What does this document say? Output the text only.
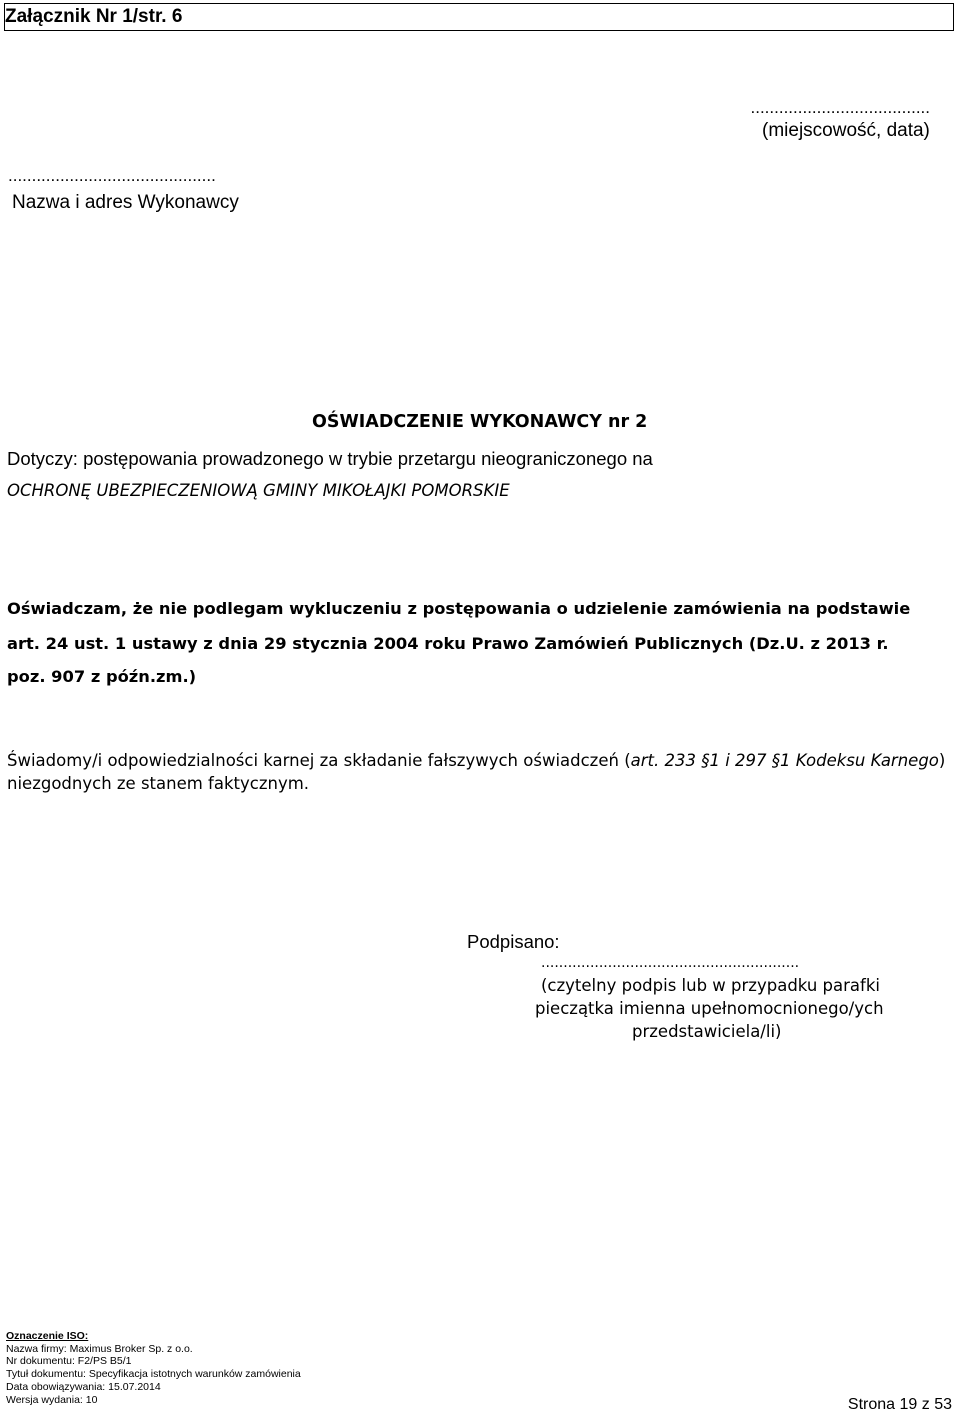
Załącznik Nr 1/str. 6
......................................
(miejscowość, data)
............................................
Nazwa i adres Wykonawcy
OŚWIADCZENIE WYKONAWCY nr 2
Dotyczy: postępowania prowadzonego w trybie przetargu nieograniczonego na
OCHRONĘ UBEZPIECZENIOWĄ GMINY MIKOŁAJKI POMORSKIE
Oświadczam, że nie podlegam wykluczeniu z postępowania o udzielenie zamówienia na podstawie
art. 24 ust. 1 ustawy z dnia 29 stycznia 2004 roku Prawo Zamówień Publicznych (Dz.U. z 2013 r.
poz. 907 z późn.zm.)
Świadomy/i odpowiedzialności karnej za składanie fałszywych oświadczeń (art. 233 §1 i 297 §1 Kodeksu Karnego)
niezgodnych ze stanem faktycznym.
Podpisano:
..........................................................
(czytelny podpis lub w przypadku parafki
pieczątka imienna upełnomocnionego/ych
przedstawiciela/li)
Oznaczenie ISO:
Nazwa firmy: Maximus Broker Sp. z o.o.
Nr dokumentu: F2/PS B5/1
Tytuł dokumentu: Specyfikacja istotnych warunków zamówienia
Data obowiązywania: 15.07.2014
Wersja wydania: 10	Strona 19 z 53
